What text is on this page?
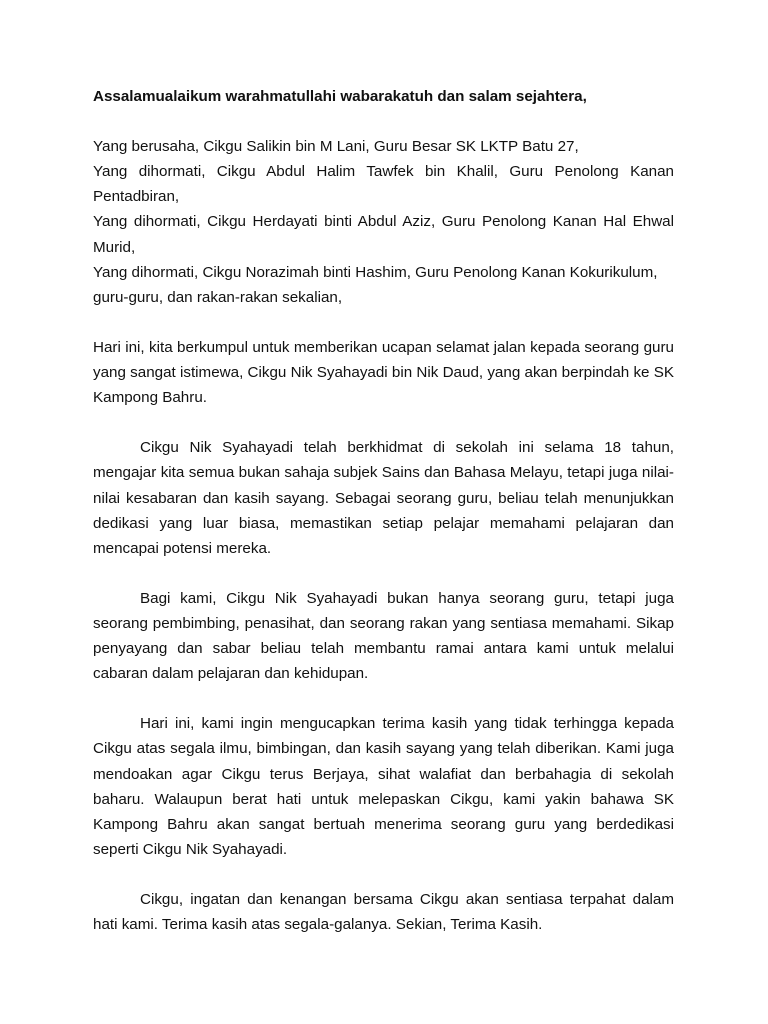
Assalamualaikum warahmatullahi wabarakatuh dan salam sejahtera,

Yang berusaha, Cikgu Salikin bin M Lani, Guru Besar SK LKTP Batu 27,

Yang dihormati, Cikgu Abdul Halim Tawfek bin Khalil, Guru Penolong Kanan

Pentadbiran,

Yang dihormati, Cikgu Herdayati binti Abdul Aziz, Guru Penolong Kanan Hal Ehwal

Murid,

Yang dihormati, Cikgu Norazimah binti Hashim, Guru Penolong Kanan Kokurikulum,

guru-guru, dan rakan-rakan sekalian,

Hari ini, kita berkumpul untuk memberikan ucapan selamat jalan kepada seorang guru yang sangat istimewa, Cikgu Nik Syahayadi bin Nik Daud, yang akan berpindah ke SK Kampong Bahru.

Cikgu Nik Syahayadi telah berkhidmat di sekolah ini selama 18 tahun, mengajar kita semua bukan sahaja subjek Sains dan Bahasa Melayu, tetapi juga nilai-nilai kesabaran dan kasih sayang. Sebagai seorang guru, beliau telah menunjukkan dedikasi yang luar biasa, memastikan setiap pelajar memahami pelajaran dan mencapai potensi mereka.

Bagi kami, Cikgu Nik Syahayadi bukan hanya seorang guru, tetapi juga seorang pembimbing, penasihat, dan seorang rakan yang sentiasa memahami. Sikap penyayang dan sabar beliau telah membantu ramai antara kami untuk melalui cabaran dalam pelajaran dan kehidupan.

Hari ini, kami ingin mengucapkan terima kasih yang tidak terhingga kepada Cikgu atas segala ilmu, bimbingan, dan kasih sayang yang telah diberikan. Kami juga mendoakan agar Cikgu terus Berjaya, sihat walafiat dan berbahagia di sekolah baharu. Walaupun berat hati untuk melepaskan Cikgu, kami yakin bahawa SK Kampong Bahru akan sangat bertuah menerima seorang guru yang berdedikasi seperti Cikgu Nik Syahayadi.

Cikgu, ingatan dan kenangan bersama Cikgu akan sentiasa terpahat dalam hati kami. Terima kasih atas segala-galanya. Sekian, Terima Kasih.
